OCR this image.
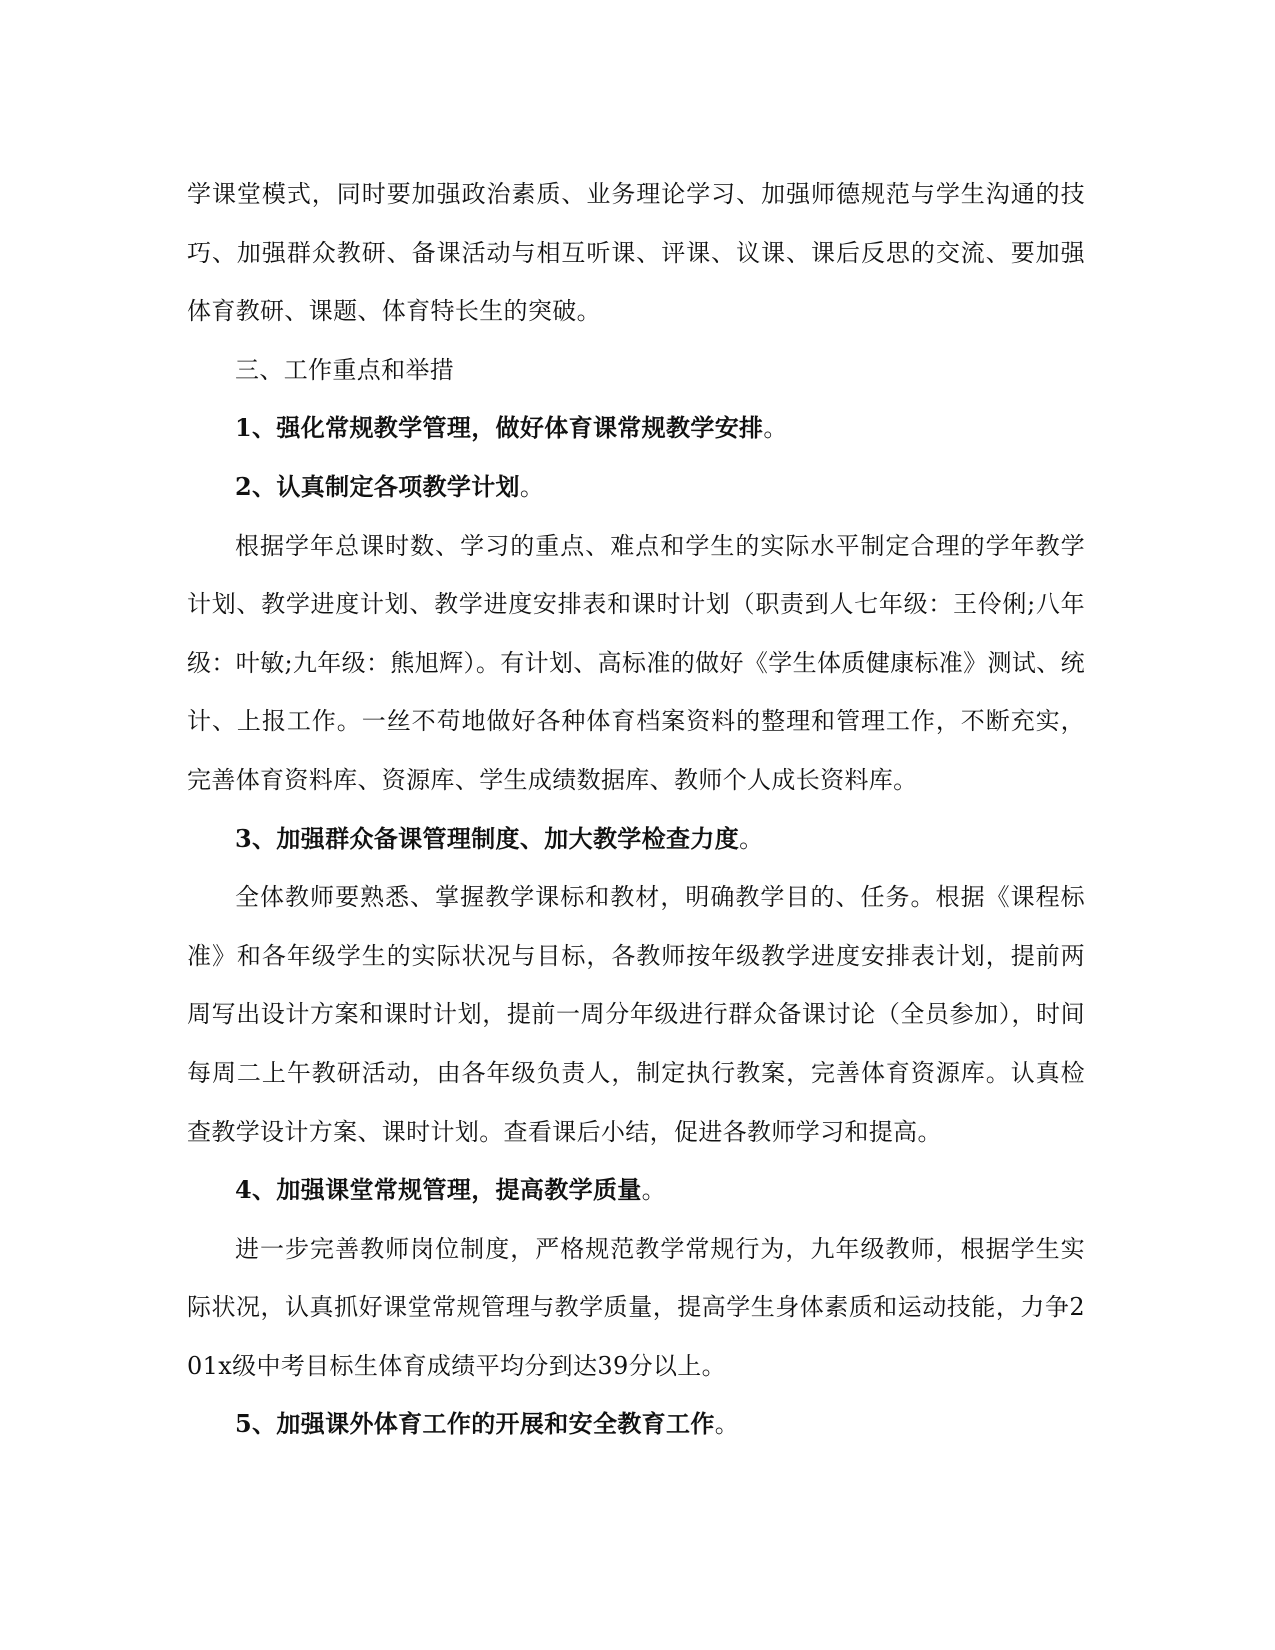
学课堂模式，同时要加强政治素质、业务理论学习、加强师德规范与学生沟通的技巧、加强群众教研、备课活动与相互听课、评课、议课、课后反思的交流、要加强体育教研、课题、体育特长生的突破。

三、工作重点和举措

1、强化常规教学管理，做好体育课常规教学安排。

2、认真制定各项教学计划。

根据学年总课时数、学习的重点、难点和学生的实际水平制定合理的学年教学计划、教学进度计划、教学进度安排表和课时计划（职责到人七年级：王伶俐;八年级：叶敏;九年级：熊旭辉）。有计划、高标准的做好《学生体质健康标准》测试、统计、上报工作。一丝不苟地做好各种体育档案资料的整理和管理工作，不断充实，完善体育资料库、资源库、学生成绩数据库、教师个人成长资料库。

3、加强群众备课管理制度、加大教学检查力度。

全体教师要熟悉、掌握教学课标和教材，明确教学目的、任务。根据《课程标准》和各年级学生的实际状况与目标，各教师按年级教学进度安排表计划，提前两周写出设计方案和课时计划，提前一周分年级进行群众备课讨论（全员参加），时间每周二上午教研活动，由各年级负责人，制定执行教案，完善体育资源库。认真检查教学设计方案、课时计划。查看课后小结，促进各教师学习和提高。

4、加强课堂常规管理，提高教学质量。

进一步完善教师岗位制度，严格规范教学常规行为，九年级教师，根据学生实际状况，认真抓好课堂常规管理与教学质量，提高学生身体素质和运动技能，力争201x级中考目标生体育成绩平均分到达39分以上。

5、加强课外体育工作的开展和安全教育工作。
